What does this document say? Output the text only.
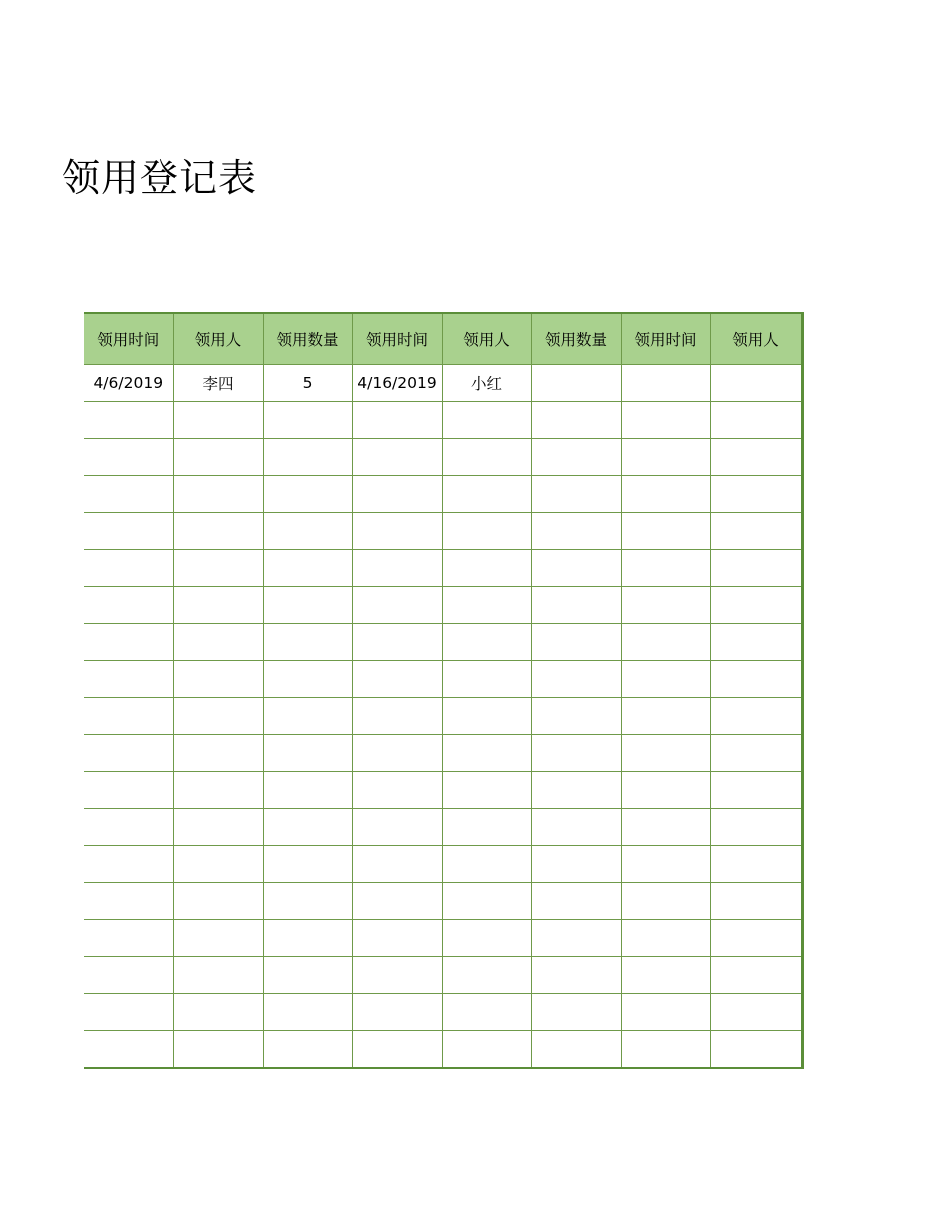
领用登记表
领用时间	领用人	领用数量	领用时间	领用人	领用数量	领用时间	领用人
4/6/2019	李四	5	4/16/2019	小红			
